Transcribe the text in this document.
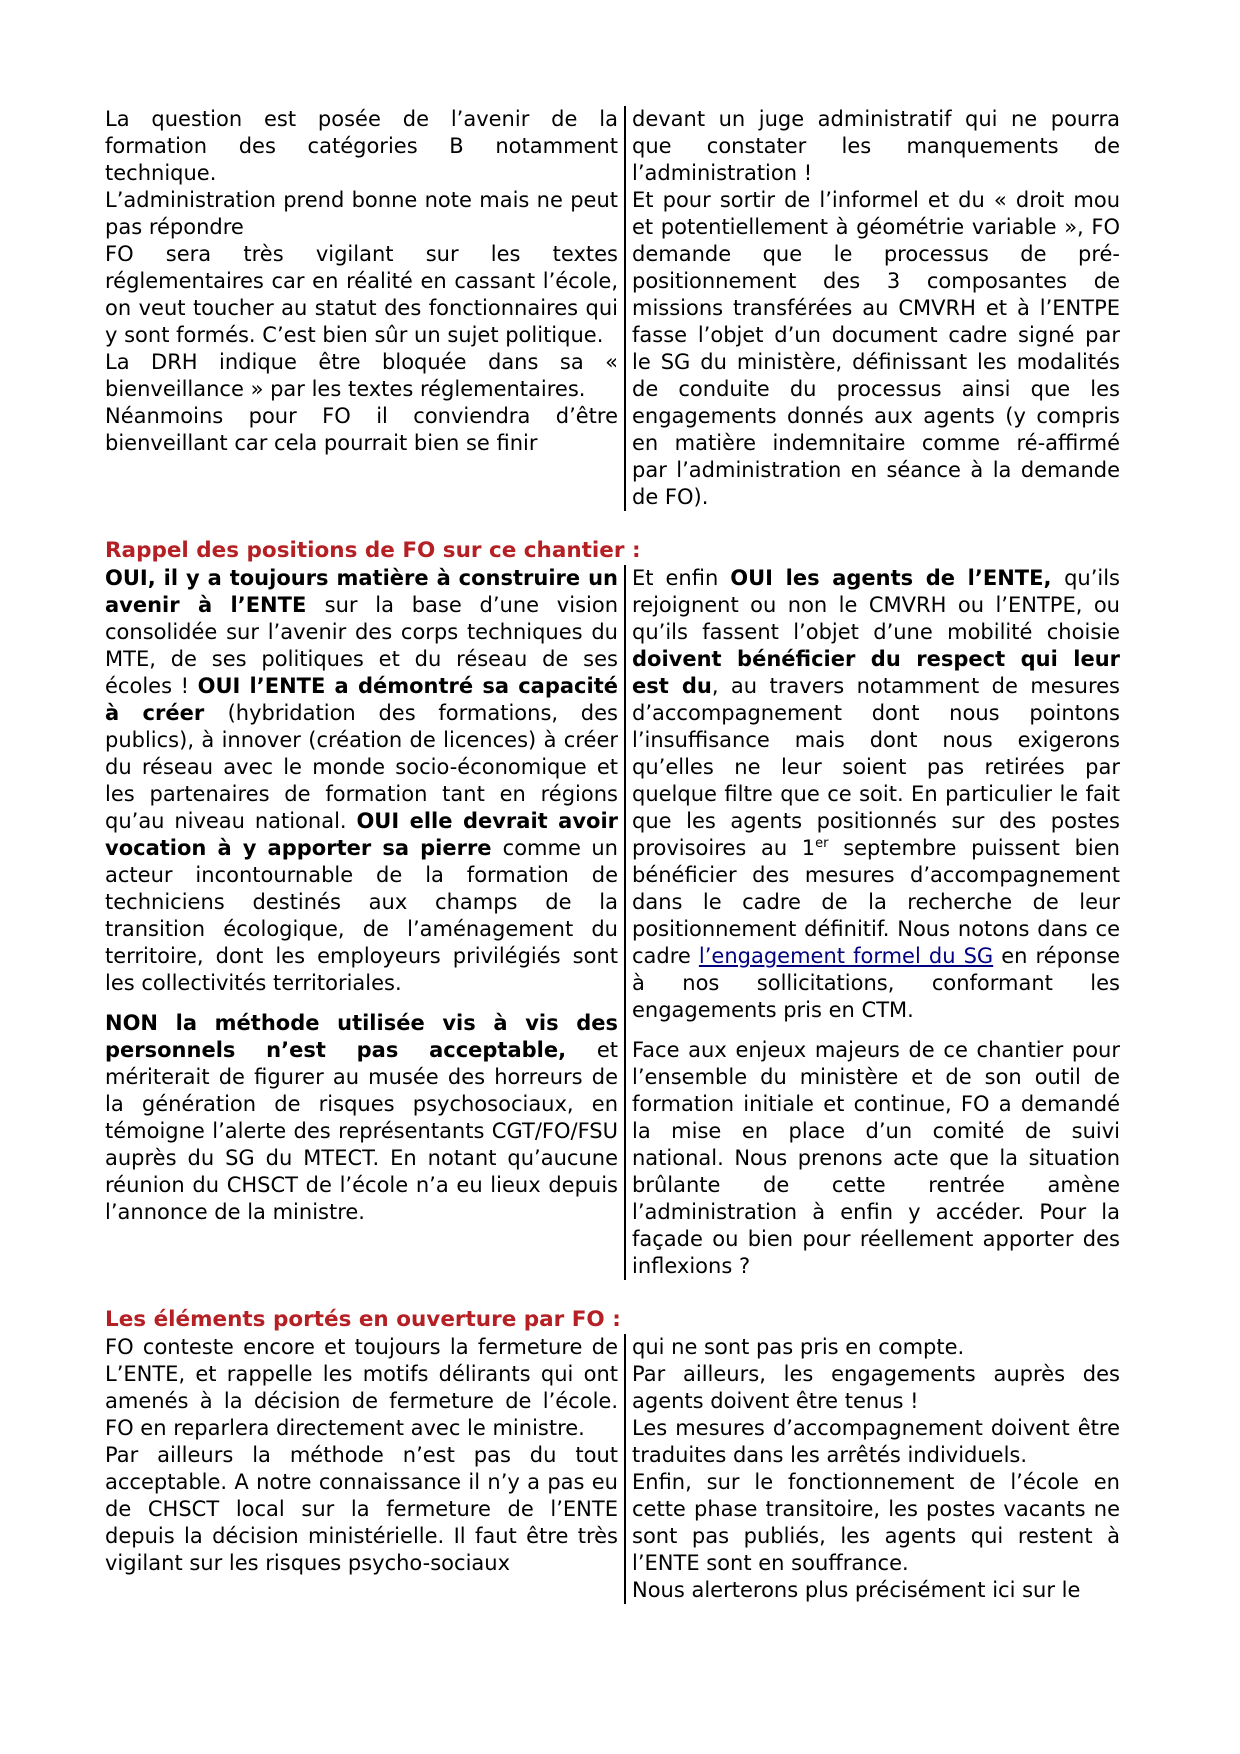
La question est posée de l’avenir de la formation des catégories B notamment technique.
L’administration prend bonne note mais ne peut pas répondre
FO sera très vigilant sur les textes réglementaires car en réalité en cassant l’école, on veut toucher au statut des fonctionnaires qui y sont formés. C’est bien sûr un sujet politique.
La DRH indique être bloquée dans sa « bienveillance » par les textes réglementaires.
Néanmoins pour FO il conviendra d’être bienveillant car cela pourrait bien se finir
devant un juge administratif qui ne pourra que constater les manquements de l’administration !
Et pour sortir de l’informel et du « droit mou et potentiellement à géométrie variable », FO demande que le processus de pré-positionnement des 3 composantes de missions transférées au CMVRH et à l’ENTPE fasse l’objet d’un document cadre signé par le SG du ministère, définissant les modalités de conduite du processus ainsi que les engagements donnés aux agents (y compris en matière indemnitaire comme ré-affirmé par l’administration en séance à la demande de FO).
Rappel des positions de FO sur ce chantier :
OUI, il y a toujours matière à construire un avenir à l’ENTE sur la base d’une vision consolidée sur l’avenir des corps techniques du MTE, de ses politiques et du réseau de ses écoles ! OUI l’ENTE a démontré sa capacité à créer (hybridation des formations, des publics), à innover (création de licences) à créer du réseau avec le monde socio-économique et les partenaires de formation tant en régions qu’au niveau national. OUI elle devrait avoir vocation à y apporter sa pierre comme un acteur incontournable de la formation de techniciens destinés aux champs de la transition écologique, de l’aménagement du territoire, dont les employeurs privilégiés sont les collectivités territoriales.
NON la méthode utilisée vis à vis des personnels n’est pas acceptable, et mériterait de figurer au musée des horreurs de la génération de risques psychosociaux, en témoigne l’alerte des représentants CGT/FO/FSU auprès du SG du MTECT. En notant qu’aucune réunion du CHSCT de l’école n’a eu lieux depuis l’annonce de la ministre.
Et enfin OUI les agents de l’ENTE, qu’ils rejoignent ou non le CMVRH ou l’ENTPE, ou qu’ils fassent l’objet d’une mobilité choisie doivent bénéficier du respect qui leur est du, au travers notamment de mesures d’accompagnement dont nous pointons l’insuffisance mais dont nous exigerons qu’elles ne leur soient pas retirées par quelque filtre que ce soit. En particulier le fait que les agents positionnés sur des postes provisoires au 1er septembre puissent bien bénéficier des mesures d’accompagnement dans le cadre de la recherche de leur positionnement définitif. Nous notons dans ce cadre l’engagement formel du SG en réponse à nos sollicitations, conformant les engagements pris en CTM.
Face aux enjeux majeurs de ce chantier pour l’ensemble du ministère et de son outil de formation initiale et continue, FO a demandé la mise en place d’un comité de suivi national. Nous prenons acte que la situation brûlante de cette rentrée amène l’administration à enfin y accéder. Pour la façade ou bien pour réellement apporter des inflexions ?
Les éléments portés en ouverture par FO :
FO conteste encore et toujours la fermeture de L’ENTE, et rappelle les motifs délirants qui ont amenés à la décision de fermeture de l’école. FO en reparlera directement avec le ministre.
Par ailleurs la méthode n’est pas du tout acceptable. A notre connaissance il n’y a pas eu de CHSCT local sur la fermeture de l’ENTE depuis la décision ministérielle. Il faut être très vigilant sur les risques psycho-sociaux
qui ne sont pas pris en compte.
Par ailleurs, les engagements auprès des agents doivent être tenus !
Les mesures d’accompagnement doivent être traduites dans les arrêtés individuels.
Enfin, sur le fonctionnement de l’école en cette phase transitoire, les postes vacants ne sont pas publiés, les agents qui restent à l’ENTE sont en souffrance.
Nous alerterons plus précisément ici sur le
